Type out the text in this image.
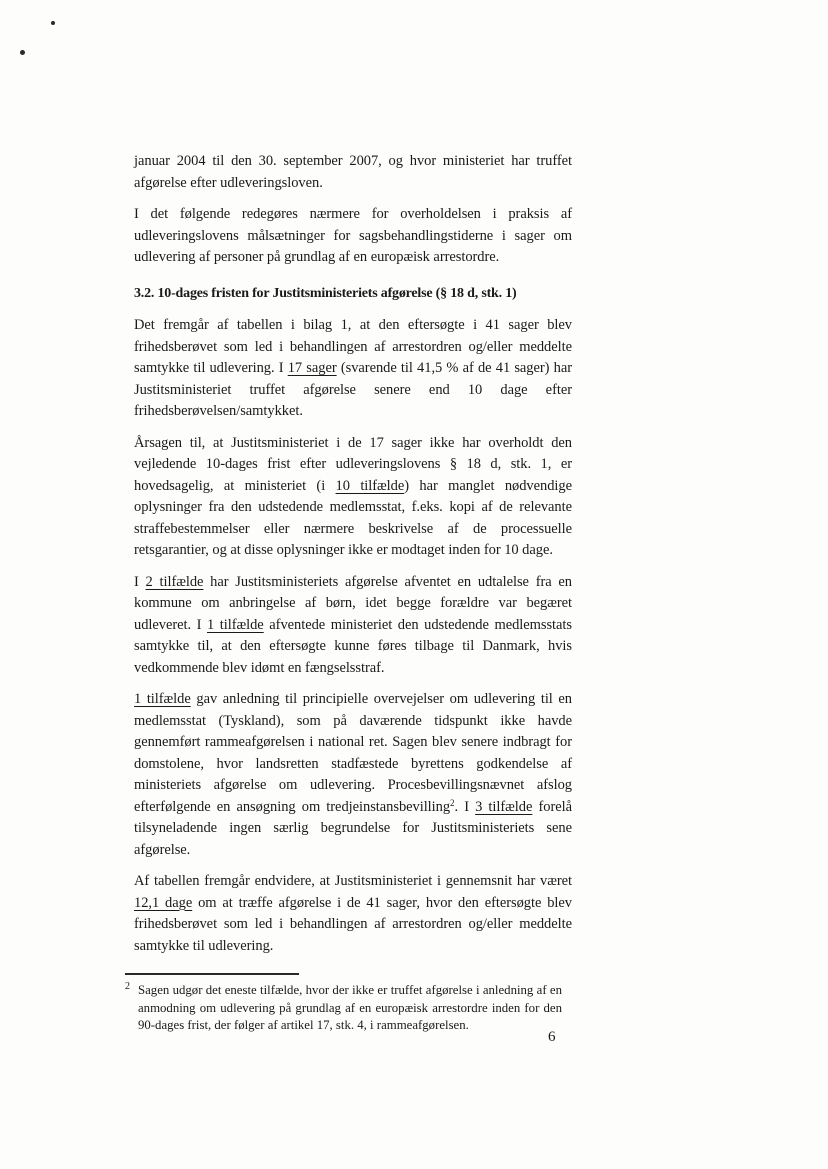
januar 2004 til den 30. september 2007, og hvor ministeriet har truffet afgørelse efter udleveringsloven.
I det følgende redegøres nærmere for overholdelsen i praksis af udleveringslovens målsætninger for sagsbehandlingstiderne i sager om udlevering af personer på grundlag af en europæisk arrestordre.
3.2. 10-dages fristen for Justitsministeriets afgørelse (§ 18 d, stk. 1)
Det fremgår af tabellen i bilag 1, at den eftersøgte i 41 sager blev frihedsberøvet som led i behandlingen af arrestordren og/eller meddelte samtykke til udlevering. I 17 sager (svarende til 41,5 % af de 41 sager) har Justitsministeriet truffet afgørelse senere end 10 dage efter frihedsberøvelsen/samtykket.
Årsagen til, at Justitsministeriet i de 17 sager ikke har overholdt den vejledende 10-dages frist efter udleveringslovens § 18 d, stk. 1, er hovedsagelig, at ministeriet (i 10 tilfælde) har manglet nødvendige oplysninger fra den udstedende medlemsstat, f.eks. kopi af de relevante straffebestemmelser eller nærmere beskrivelse af de processuelle retsgarantier, og at disse oplysninger ikke er modtaget inden for 10 dage.
I 2 tilfælde har Justitsministeriets afgørelse afventet en udtalelse fra en kommune om anbringelse af børn, idet begge forældre var begæret udleveret. I 1 tilfælde afventede ministeriet den udstedende medlemsstats samtykke til, at den eftersøgte kunne føres tilbage til Danmark, hvis vedkommende blev idømt en fængselsstraf.
1 tilfælde gav anledning til principielle overvejelser om udlevering til en medlemsstat (Tyskland), som på daværende tidspunkt ikke havde gennemført rammeafgørelsen i national ret. Sagen blev senere indbragt for domstolene, hvor landsretten stadfæstede byrettens godkendelse af ministeriets afgørelse om udlevering. Procesbevillingsnævnet afslog efterfølgende en ansøgning om tredjeinstansbevilling$^2$. I 3 tilfælde forelå tilsyneladende ingen særlig begrundelse for Justitsministeriets sene afgørelse.
Af tabellen fremgår endvidere, at Justitsministeriet i gennemsnit har været 12,1 dage om at træffe afgørelse i de 41 sager, hvor den eftersøgte blev frihedsberøvet som led i behandlingen af arrestordren og/eller meddelte samtykke til udlevering.
2 Sagen udgør det eneste tilfælde, hvor der ikke er truffet afgørelse i anledning af en anmodning om udlevering på grundlag af en europæisk arrestordre inden for den 90-dages frist, der følger af artikel 17, stk. 4, i rammeafgørelsen.
6
